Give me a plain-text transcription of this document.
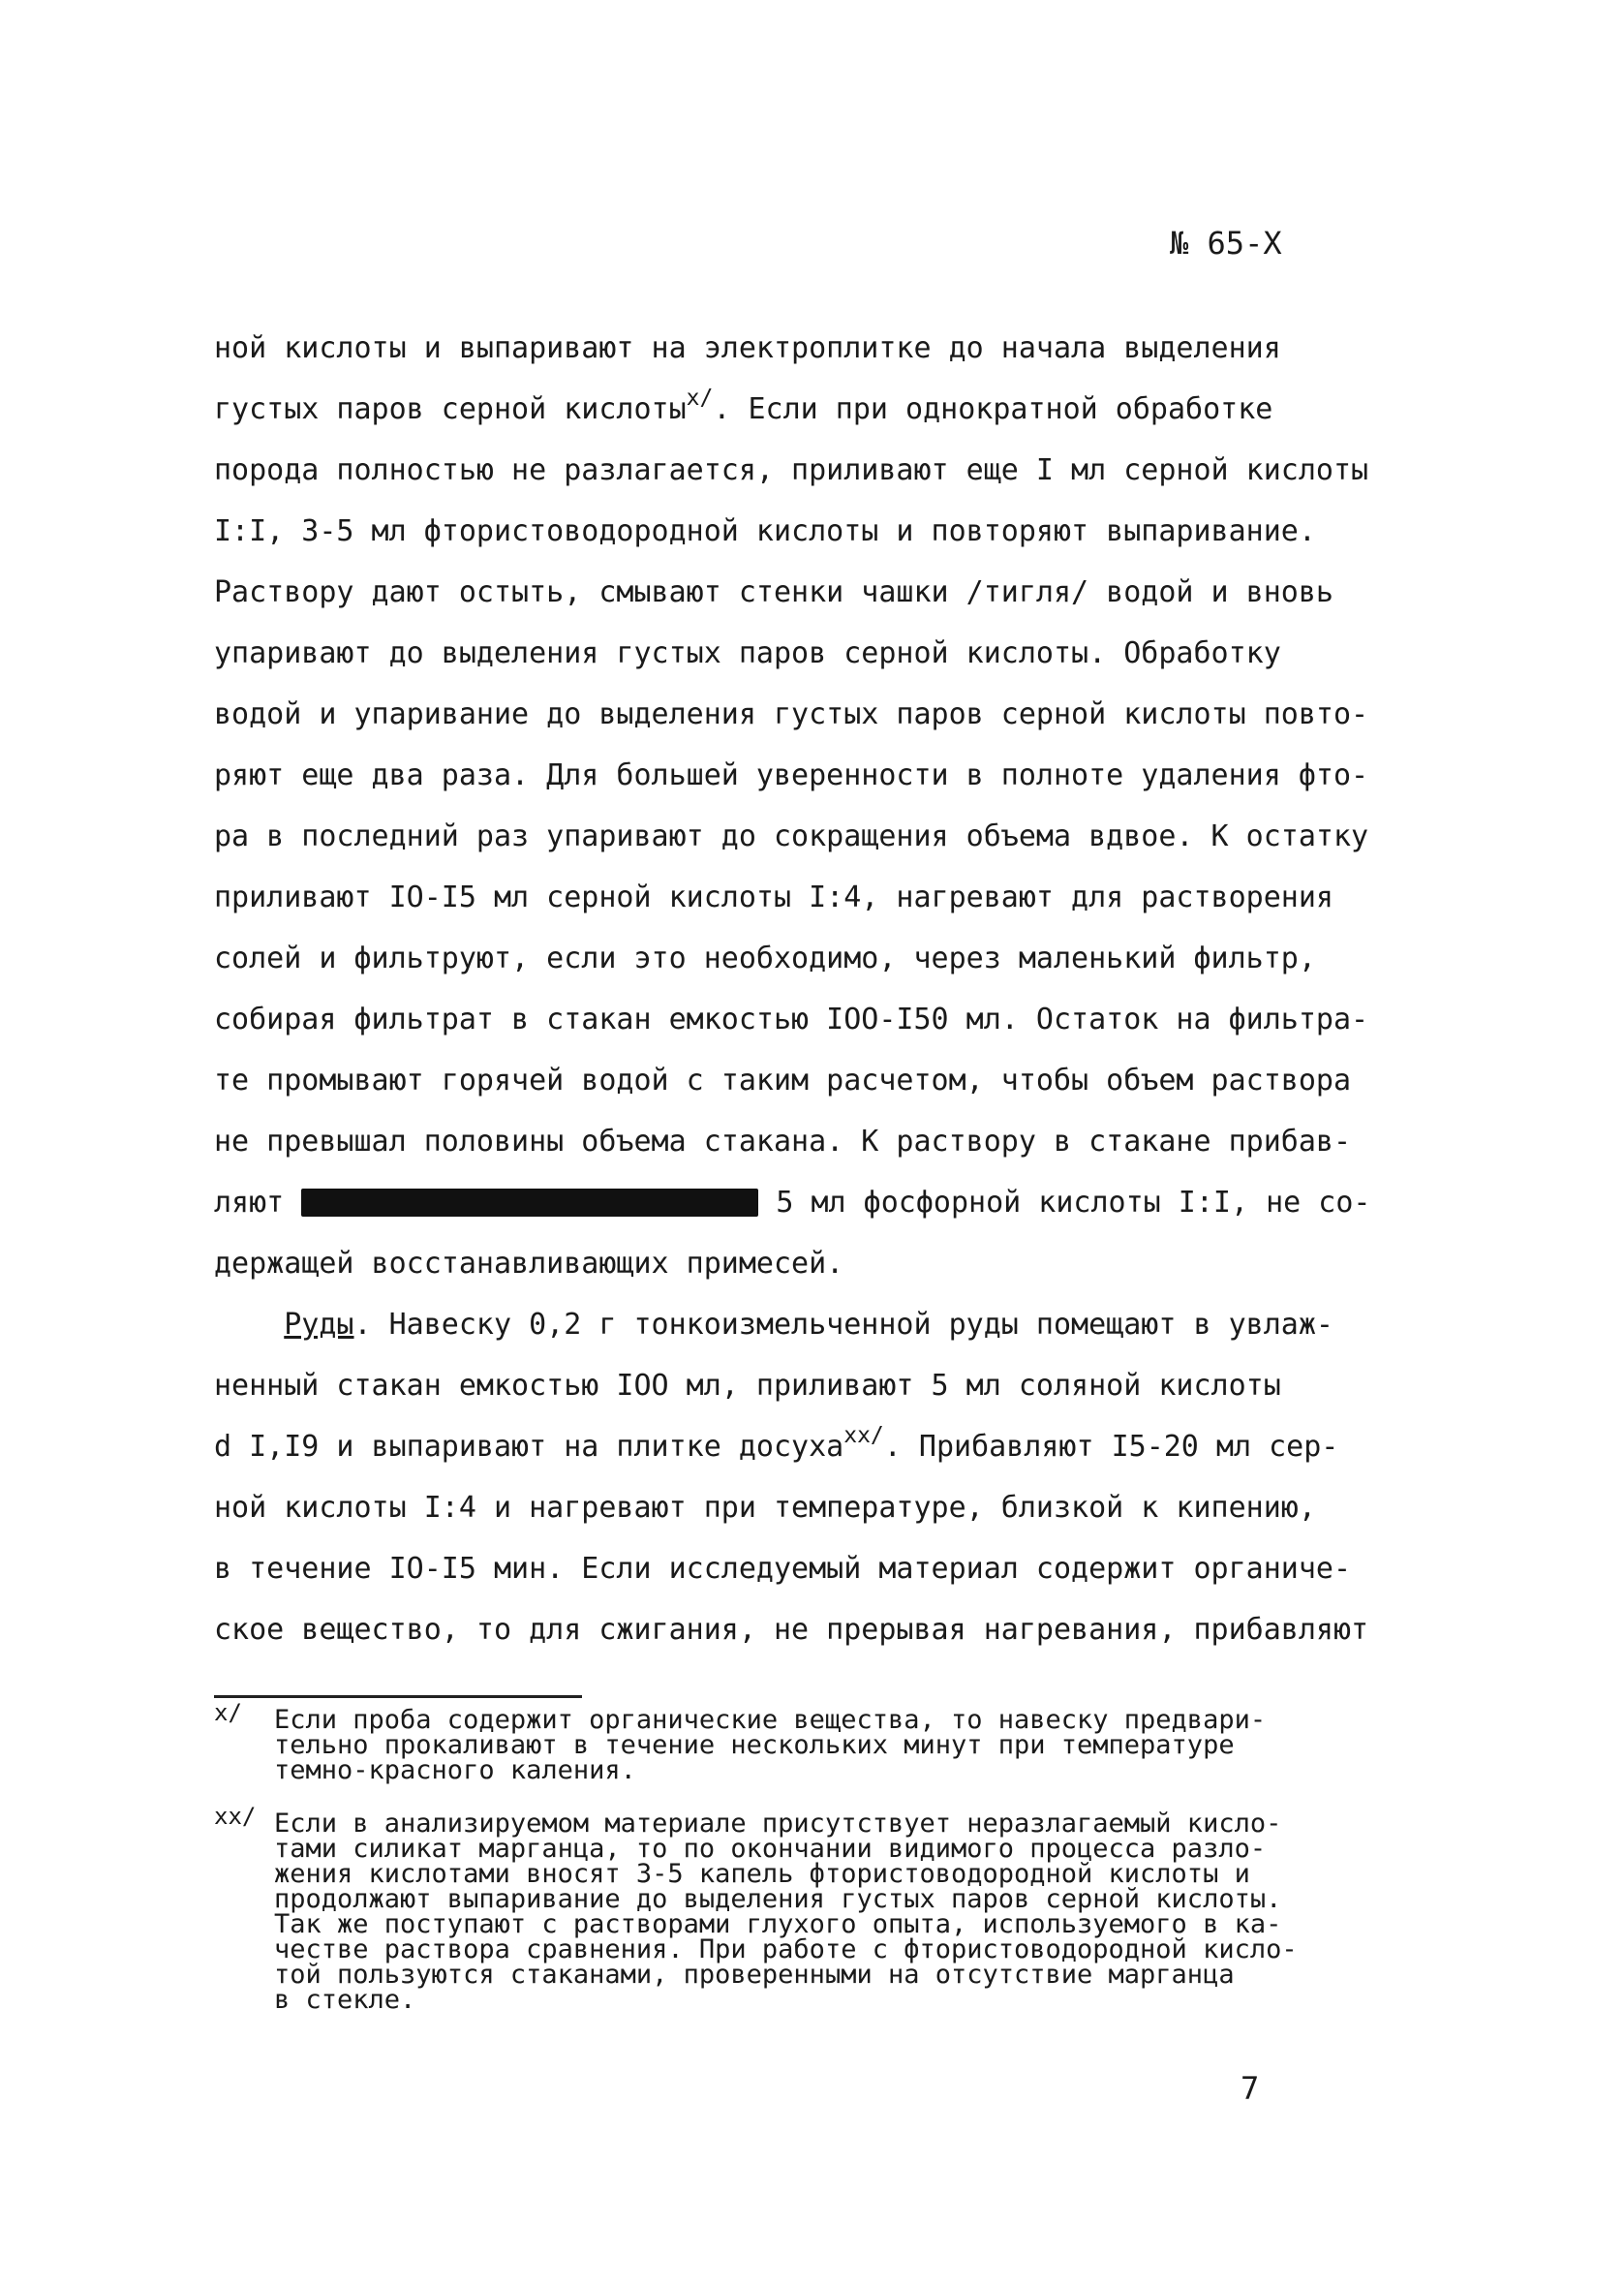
№ 65-Х
ной кислоты и выпаривают на электроплитке до начала выделения
густых паров серной кислоты$^{x/}$. Если при однократной обработке
порода полностью не разлагается, приливают еще I мл серной кислоты
I:I, 3-5 мл фтористоводородной кислоты и повторяют выпаривание.
Раствору дают остыть, смывают стенки чашки /тигля/ водой и вновь
упаривают до выделения густых паров серной кислоты. Обработку
водой и упаривание до выделения густых паров серной кислоты повто-
ряют еще два раза. Для большей уверенности в полноте удаления фто-
ра в последний раз упаривают до сокращения объема вдвое. К остатку
приливают IO-I5 мл серной кислоты I:4, нагревают для растворения
солей и фильтруют, если это необходимо, через маленький фильтр,
собирая фильтрат в стакан емкостью IOO-I50 мл. Остаток на фильтра-
те промывают горячей водой с таким расчетом, чтобы объем раствора
не превышал половины объема стакана. К раствору в стакане прибав-
ляют	5 мл фосфорной кислоты I:I, не со-
держащей восстанавливающих примесей.
Руды. Навеску 0,2 г тонкоизмельченной руды помещают в увлаж-
ненный стакан емкостью IOO мл, приливают 5 мл соляной кислоты
d I,I9 и выпаривают на плитке досуха$^{xx/}$. Прибавляют I5-20 мл сер-
ной кислоты I:4 и нагревают при температуре, близкой к кипению,
в течение IO-I5 мин. Если исследуемый материал содержит органиче-
ское вещество, то для сжигания, не прерывая нагревания, прибавляют
x/ Если проба содержит органические вещества, то навеску предвари-
тельно прокаливают в течение нескольких минут при температуре
темно-красного каления.
xx/ Если в анализируемом материале присутствует неразлагаемый кисло-
тами силикат марганца, то по окончании видимого процесса разло-
жения кислотами вносят 3-5 капель фтористоводородной кислоты и
продолжают выпаривание до выделения густых паров серной кислоты.
Так же поступают с растворами глухого опыта, используемого в ка-
честве раствора сравнения. При работе с фтористоводородной кисло-
той пользуются стаканами, проверенными на отсутствие марганца
в стекле.
7
